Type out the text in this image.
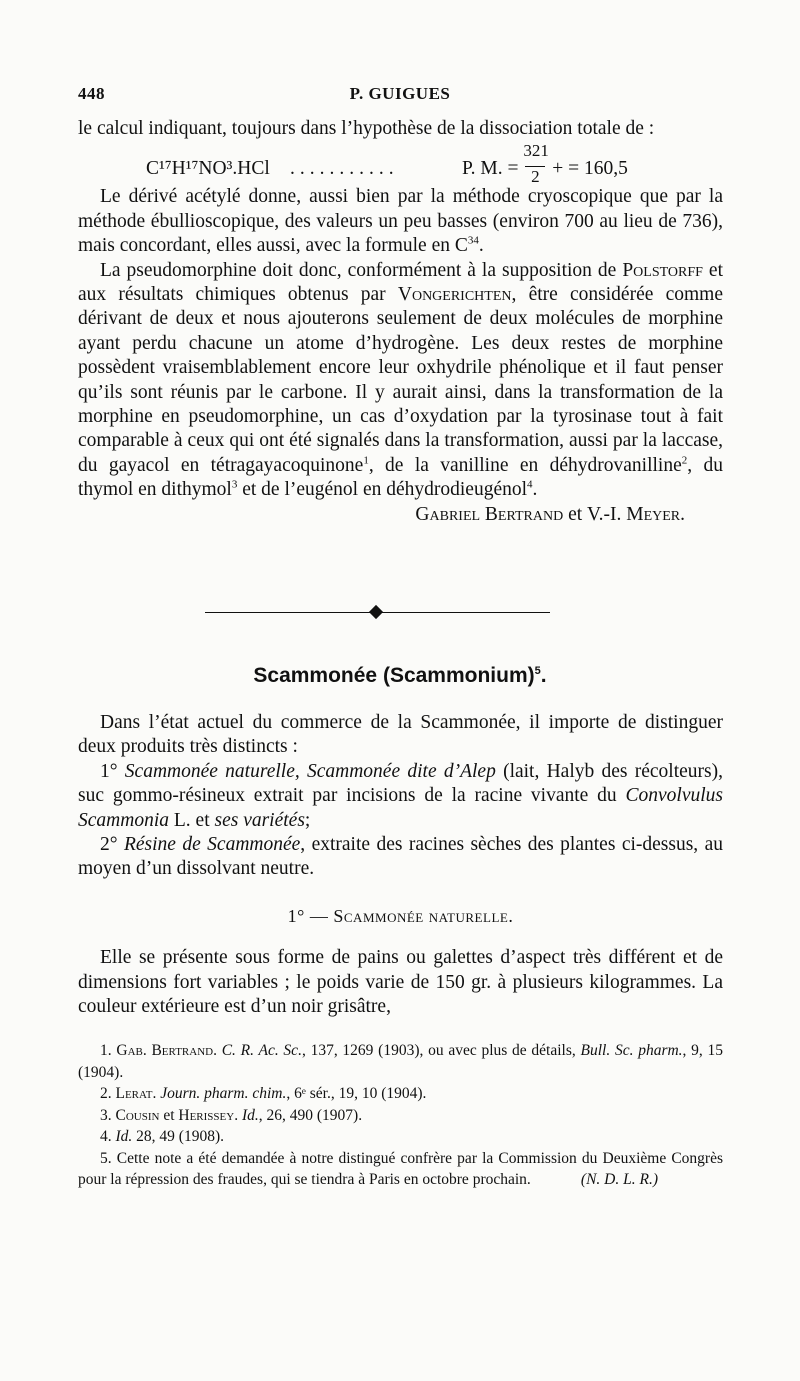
448	P. GUIGUES

le calcul indiquant, toujours dans l’hypothèse de la dissociation totale de :

C¹⁷H¹⁷NO³.HCl ...........	P. M. = $\frac{321}{2}$ + = 160,5

Le dérivé acétylé donne, aussi bien par la méthode cryoscopique que par la méthode ébullioscopique, des valeurs un peu basses (environ 700 au lieu de 736), mais concordant, elles aussi, avec la formule en $C^{34}$.

La pseudomorphine doit donc, conformément à la supposition de Polstorff et aux résultats chimiques obtenus par Vongerichten, être considérée comme dérivant de deux et nous ajouterons seulement de deux molécules de morphine ayant perdu chacune un atome d’hydrogène. Les deux restes de morphine possèdent vraisemblablement encore leur oxhydrile phénolique et il faut penser qu’ils sont réunis par le carbone. Il y aurait ainsi, dans la transformation de la morphine en pseudomorphine, un cas d’oxydation par la tyrosinase tout à fait comparable à ceux qui ont été signalés dans la transformation, aussi par la laccase, du gayacol en tétragayacoquinone$^1$, de la vanilline en déhydrovanilline$^2$, du thymol en dithymol$^3$ et de l’eugénol en déhydrodieugénol$^4$.

Gabriel Bertrand et V.-I. Meyer.

Scammonée (Scammonium)$^5$.

Dans l’état actuel du commerce de la Scammonée, il importe de distinguer deux produits très distincts :

1° Scammonée naturelle, Scammonée dite d’Alep (lait, Halyb des récolteurs), suc gommo-résineux extrait par incisions de la racine vivante du Convolvulus Scammonia L. et ses variétés;

2° Résine de Scammonée, extraite des racines sèches des plantes ci-dessus, au moyen d’un dissolvant neutre.

1° — Scammonée naturelle.

Elle se présente sous forme de pains ou galettes d’aspect très différent et de dimensions fort variables ; le poids varie de 150 gr. à plusieurs kilogrammes. La couleur extérieure est d’un noir grisâtre,

1. Gab. Bertrand. C. R. Ac. Sc., 137, 1269 (1903), ou avec plus de détails, Bull. Sc. pharm., 9, 15 (1904).

2. Lerat. Journ. pharm. chim., 6ᵉ sér., 19, 10 (1904).

3. Cousin et Herissey. Id., 26, 490 (1907).

4. Id. 28, 49 (1908).

5. Cette note a été demandée à notre distingué confrère par la Commission du Deuxième Congrès pour la répression des fraudes, qui se tiendra à Paris en octobre prochain.	(N. D. L. R.)
